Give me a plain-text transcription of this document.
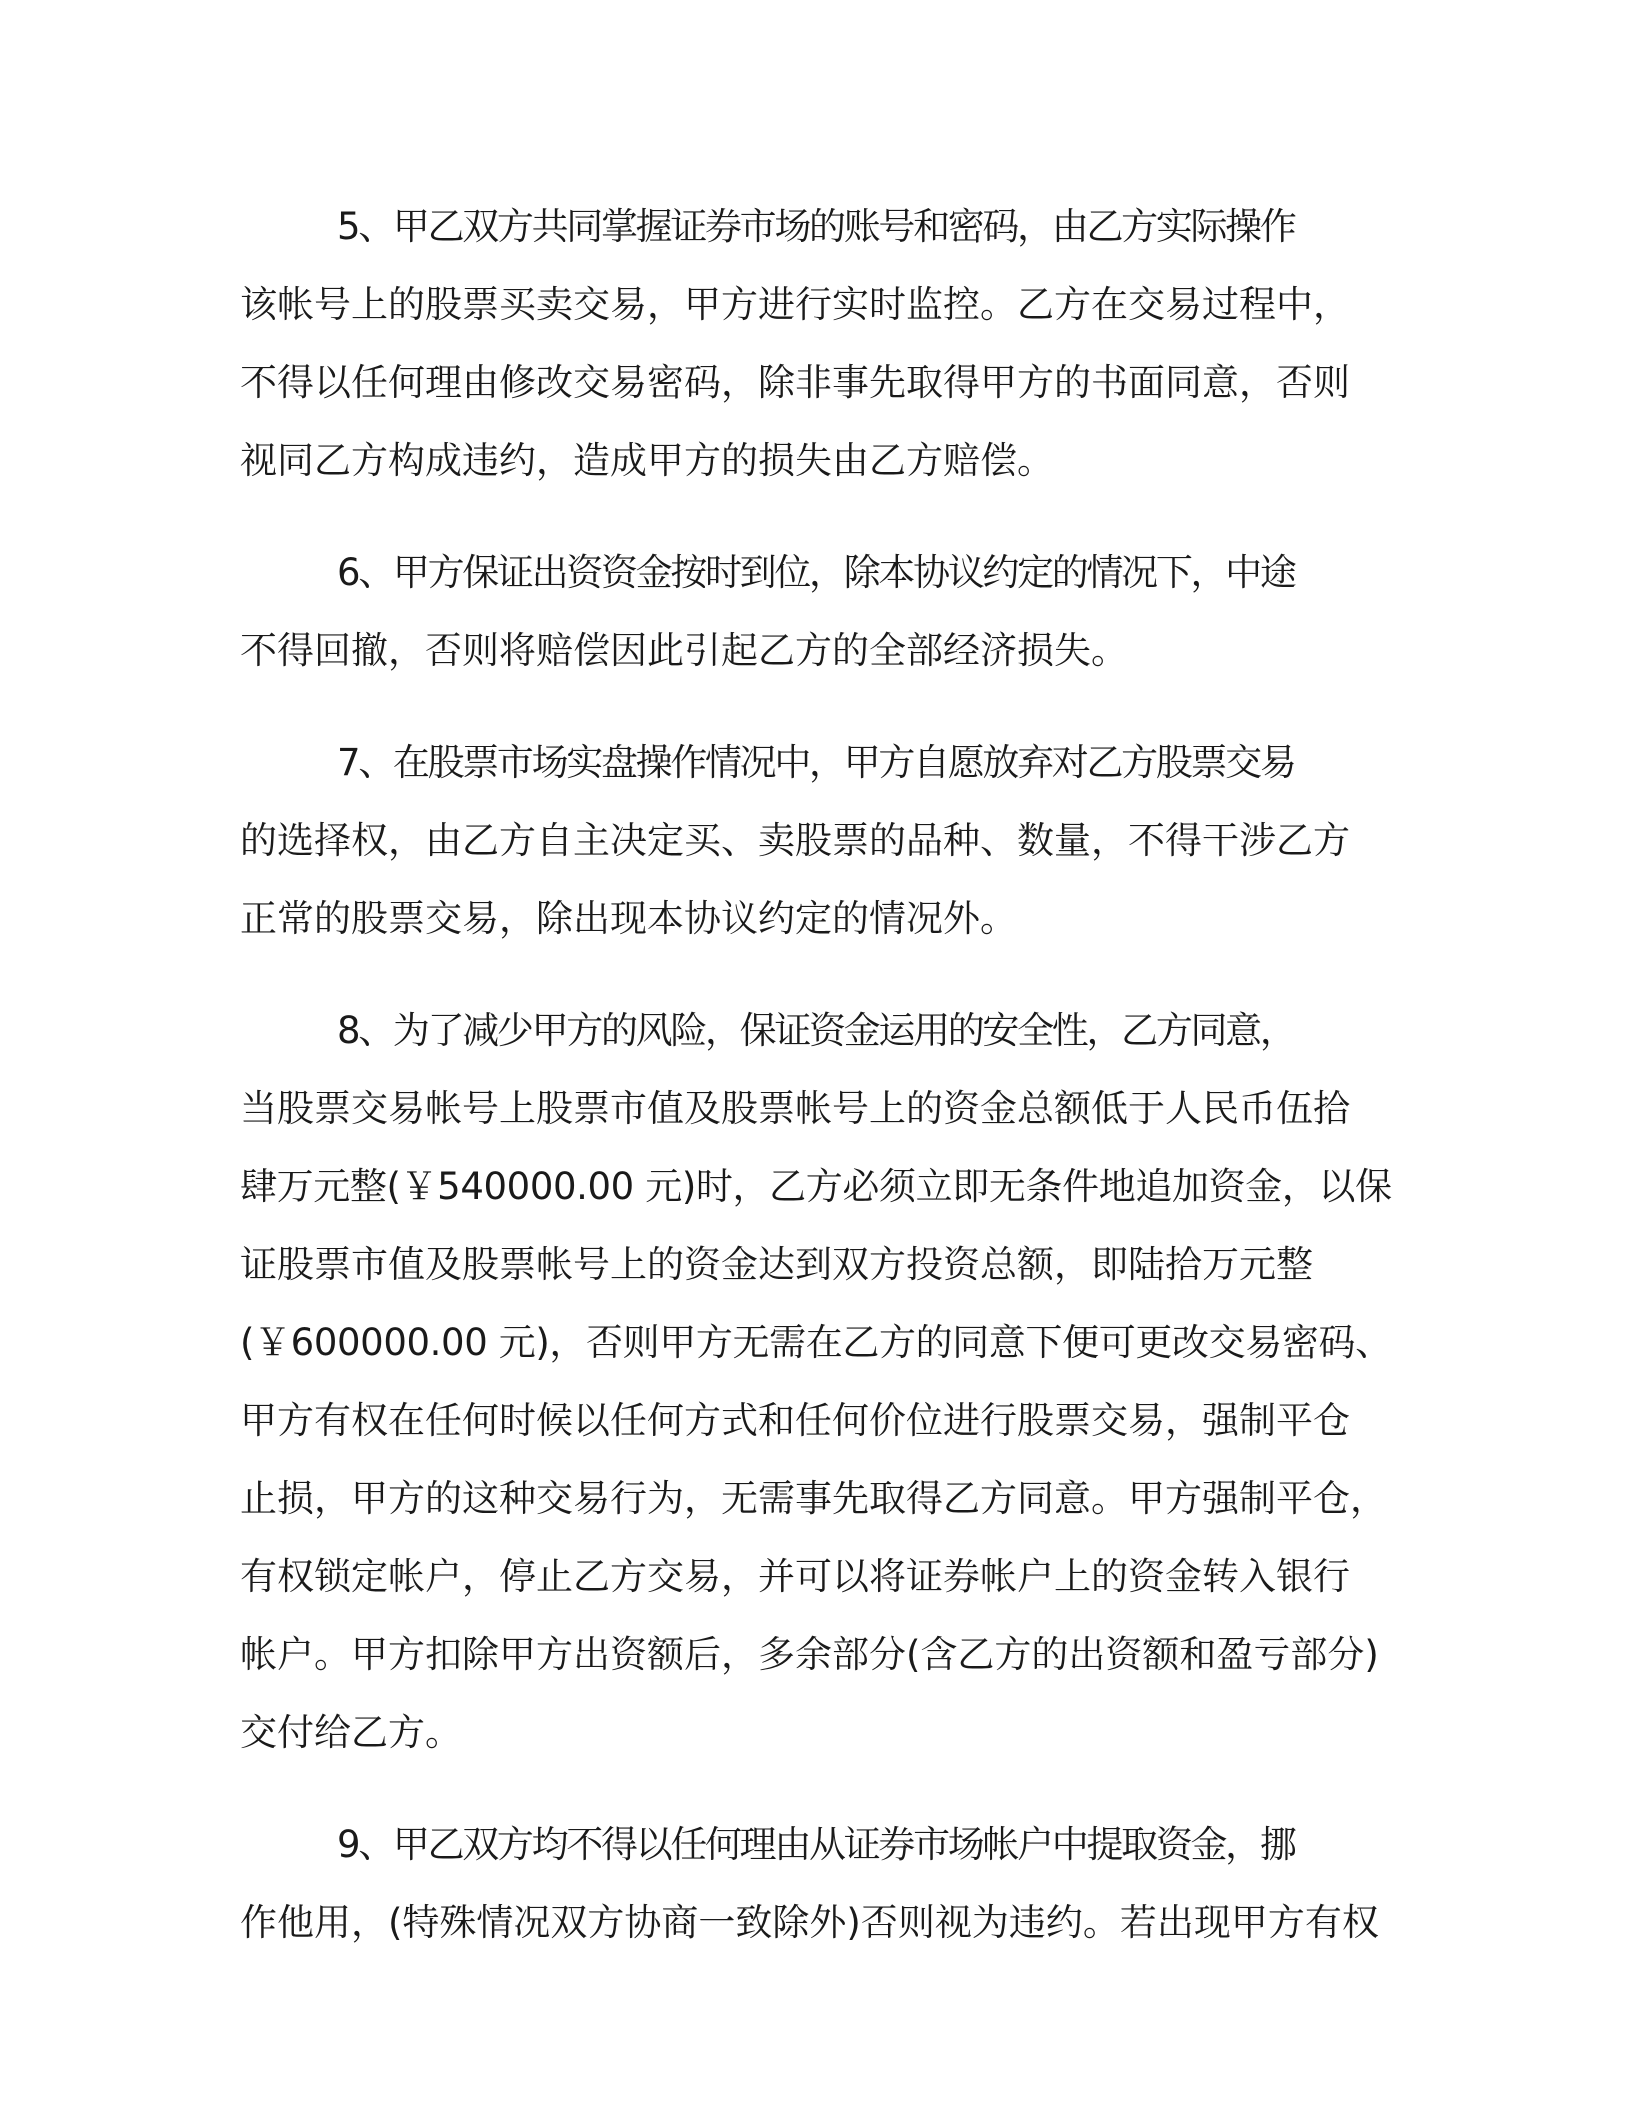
5、甲乙双方共同掌握证券市场的账号和密码，由乙方实际操作
该帐号上的股票买卖交易，甲方进行实时监控。乙方在交易过程中，
不得以任何理由修改交易密码，除非事先取得甲方的书面同意，否则
视同乙方构成违约，造成甲方的损失由乙方赔偿。

6、甲方保证出资资金按时到位，除本协议约定的情况下，中途
不得回撤，否则将赔偿因此引起乙方的全部经济损失。

7、在股票市场实盘操作情况中，甲方自愿放弃对乙方股票交易
的选择权，由乙方自主决定买、卖股票的品种、数量，不得干涉乙方
正常的股票交易，除出现本协议约定的情况外。

8、为了减少甲方的风险，保证资金运用的安全性，乙方同意，
当股票交易帐号上股票市值及股票帐号上的资金总额低于人民币伍拾
肆万元整(￥540000.00 元)时，乙方必须立即无条件地追加资金，以保
证股票市值及股票帐号上的资金达到双方投资总额，即陆拾万元整
(￥600000.00 元)，否则甲方无需在乙方的同意下便可更改交易密码、
甲方有权在任何时候以任何方式和任何价位进行股票交易，强制平仓
止损，甲方的这种交易行为，无需事先取得乙方同意。甲方强制平仓，
有权锁定帐户，停止乙方交易，并可以将证券帐户上的资金转入银行
帐户。甲方扣除甲方出资额后，多余部分(含乙方的出资额和盈亏部分)
交付给乙方。

9、甲乙双方均不得以任何理由从证券市场帐户中提取资金，挪
作他用，(特殊情况双方协商一致除外)否则视为违约。若出现甲方有权
